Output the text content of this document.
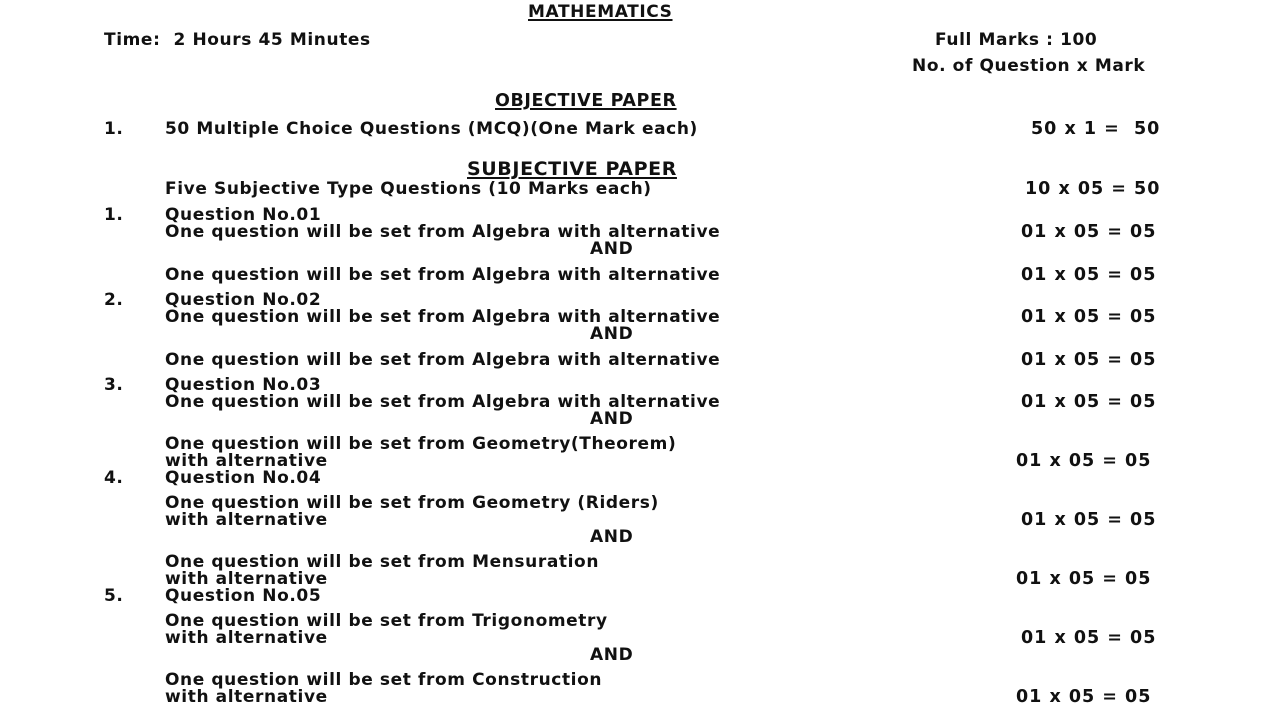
MATHEMATICS
Time:  2 Hours 45 Minutes	Full Marks : 100
No. of Question x Mark
OBJECTIVE PAPER
1. 50 Multiple Choice Questions (MCQ)(One Mark each)	50 x 1 =  50
SUBJECTIVE PAPER
Five Subjective Type Questions (10 Marks each)	10 x 05 = 50
1. Question No.01
One question will be set from Algebra with alternative	01 x 05 = 05
AND
One question will be set from Algebra with alternative	01 x 05 = 05
2. Question No.02
One question will be set from Algebra with alternative	01 x 05 = 05
AND
One question will be set from Algebra with alternative	01 x 05 = 05
3. Question No.03
One question will be set from Algebra with alternative	01 x 05 = 05
AND
One question will be set from Geometry(Theorem)
with alternative	01 x 05 = 05
4. Question No.04
One question will be set from Geometry (Riders)
with alternative	01 x 05 = 05
AND
One question will be set from Mensuration
with alternative	01 x 05 = 05
5. Question No.05
One question will be set from Trigonometry
with alternative	01 x 05 = 05
AND
One question will be set from Construction
with alternative	01 x 05 = 05
